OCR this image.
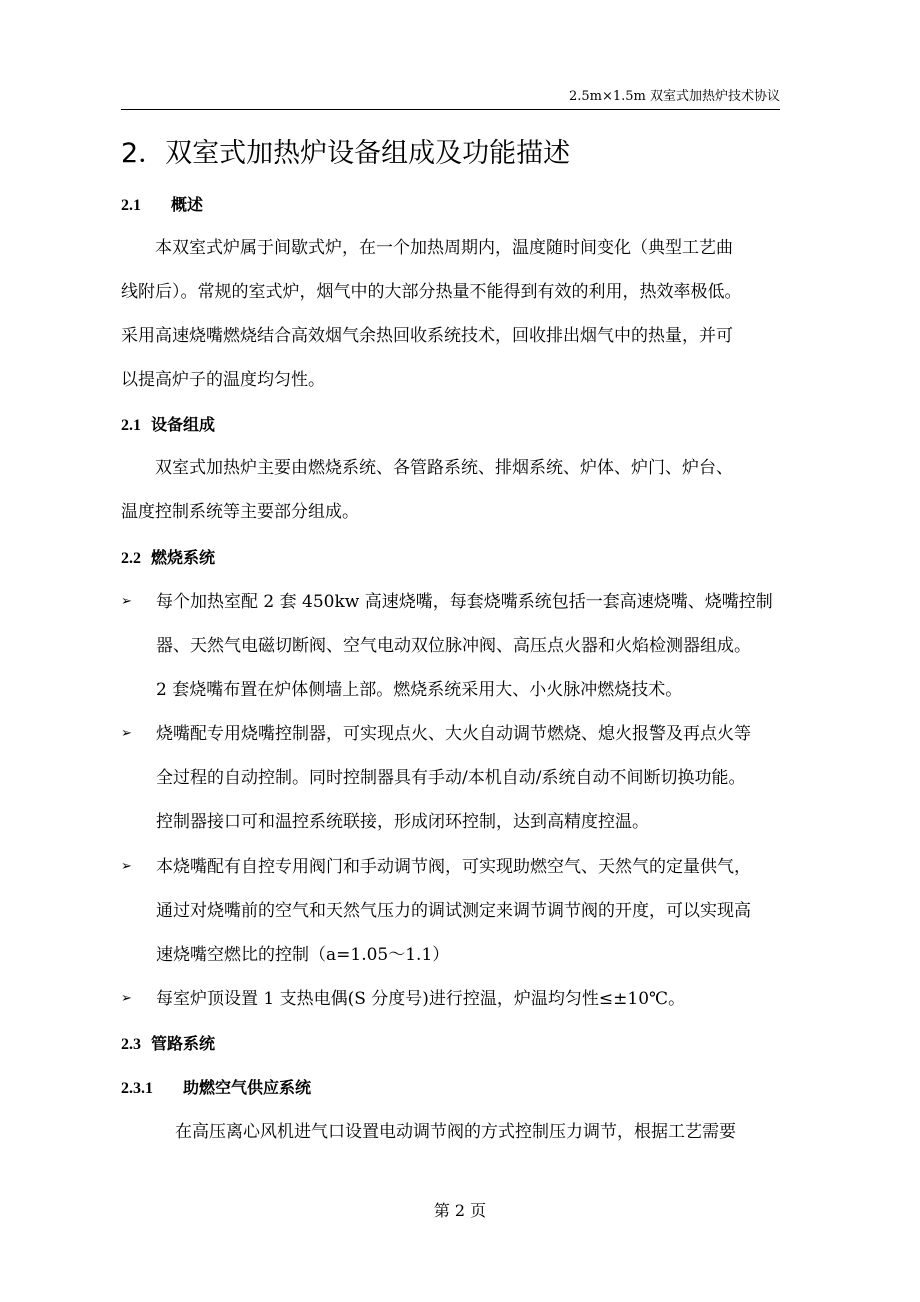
2.5m×1.5m 双室式加热炉技术协议
2．双室式加热炉设备组成及功能描述
2.1 概述
本双室式炉属于间歇式炉，在一个加热周期内，温度随时间变化（典型工艺曲
线附后）。常规的室式炉，烟气中的大部分热量不能得到有效的利用，热效率极低。
采用高速烧嘴燃烧结合高效烟气余热回收系统技术，回收排出烟气中的热量，并可
以提高炉子的温度均匀性。
2.1 设备组成
双室式加热炉主要由燃烧系统、各管路系统、排烟系统、炉体、炉门、炉台、
温度控制系统等主要部分组成。
2.2 燃烧系统
➢	每个加热室配 2 套 450kw 高速烧嘴，每套烧嘴系统包括一套高速烧嘴、烧嘴控制
器、天然气电磁切断阀、空气电动双位脉冲阀、高压点火器和火焰检测器组成。
2 套烧嘴布置在炉体侧墙上部。燃烧系统采用大、小火脉冲燃烧技术。
➢	烧嘴配专用烧嘴控制器，可实现点火、大火自动调节燃烧、熄火报警及再点火等
全过程的自动控制。同时控制器具有手动/本机自动/系统自动不间断切换功能。
控制器接口可和温控系统联接，形成闭环控制，达到高精度控温。
➢	本烧嘴配有自控专用阀门和手动调节阀，可实现助燃空气、天然气的定量供气，
通过对烧嘴前的空气和天然气压力的调试测定来调节调节阀的开度，可以实现高
速烧嘴空燃比的控制（a=1.05～1.1）
➢	每室炉顶设置 1 支热电偶(S 分度号)进行控温，炉温均匀性≤±10℃。
2.3 管路系统
2.3.1 助燃空气供应系统
在高压离心风机进气口设置电动调节阀的方式控制压力调节，根据工艺需要
第 2 页
